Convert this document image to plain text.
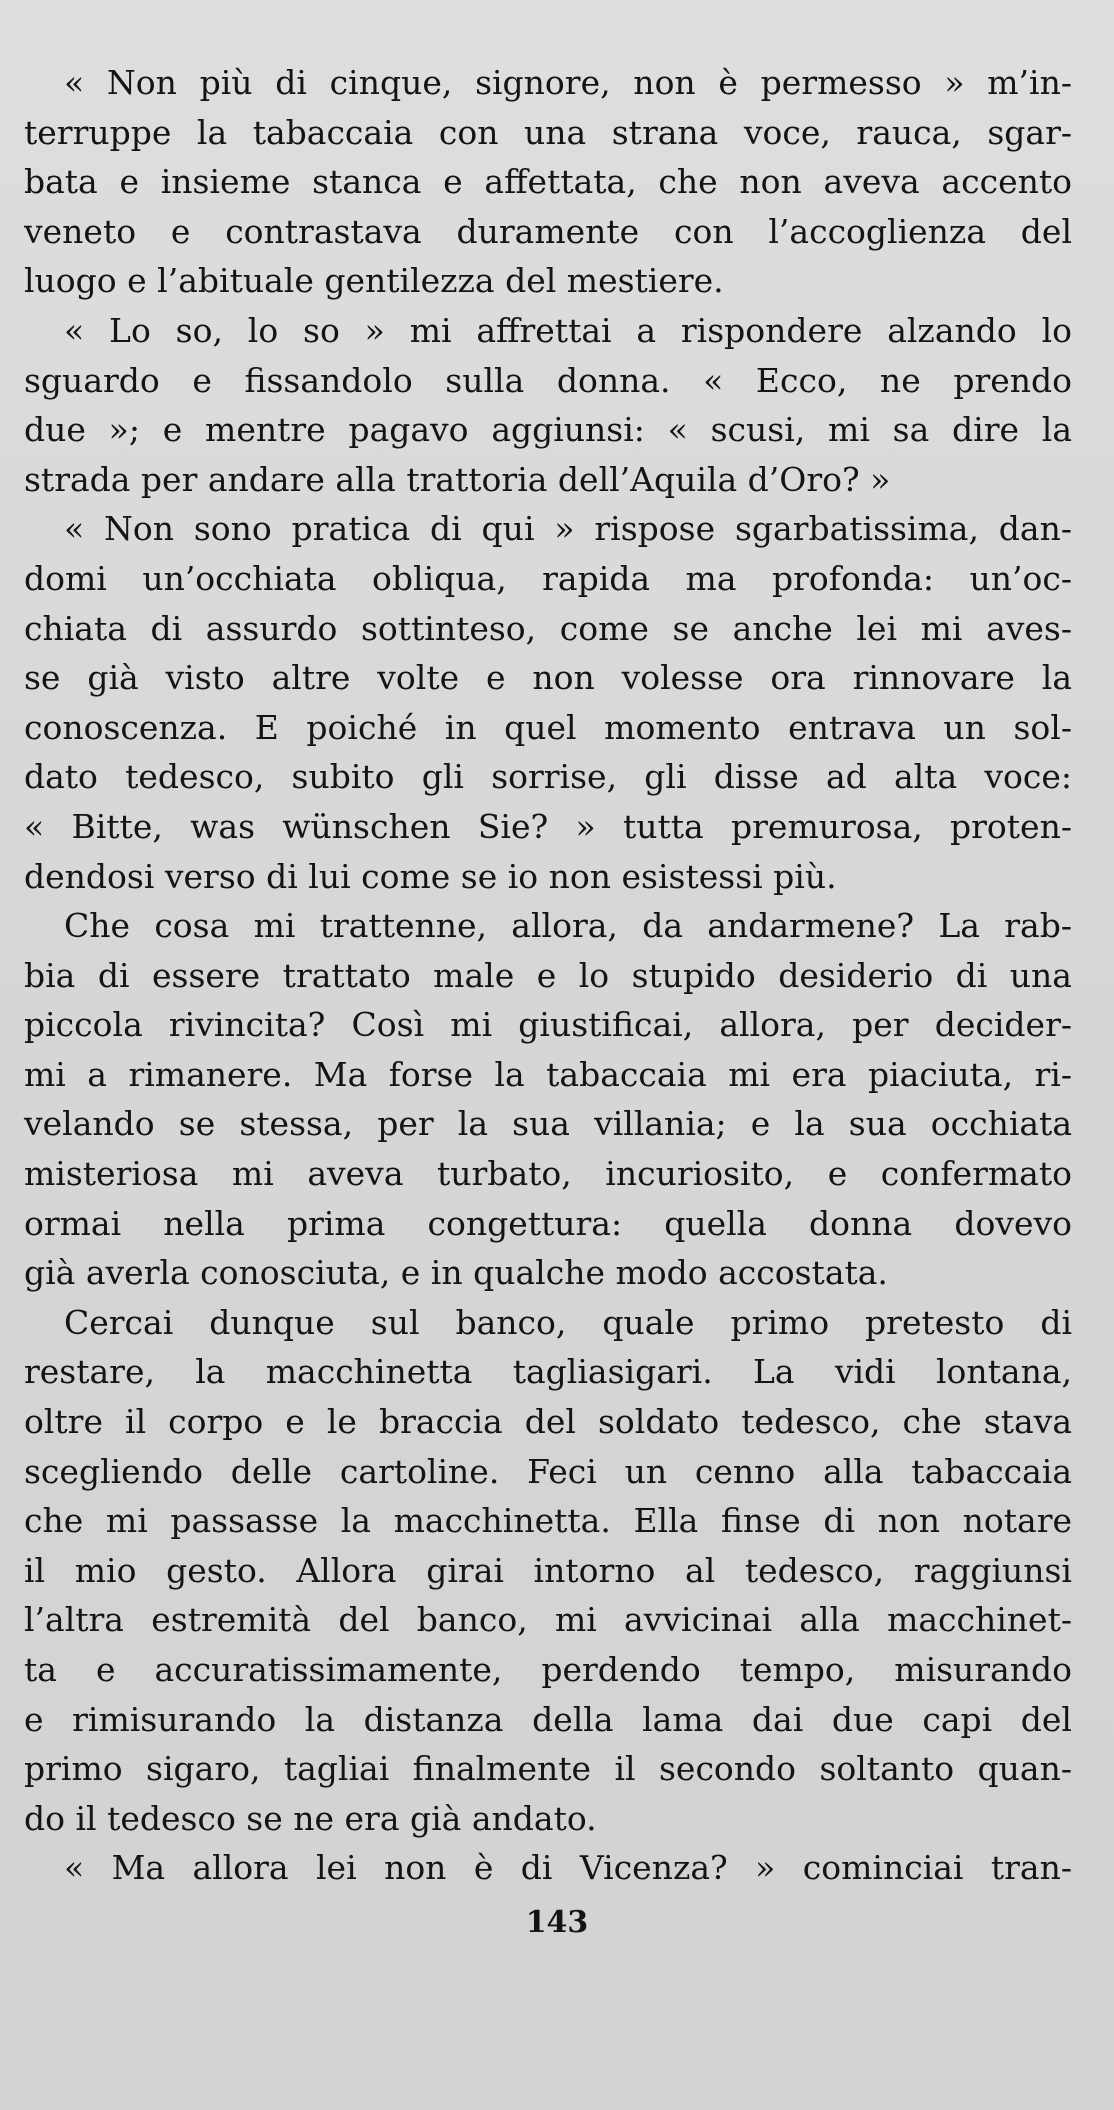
« Non più di cinque, signore, non è permesso » m’in-
terruppe la tabaccaia con una strana voce, rauca, sgar-
bata e insieme stanca e affettata, che non aveva accento
veneto e contrastava duramente con l’accoglienza del
luogo e l’abituale gentilezza del mestiere.
« Lo so, lo so » mi affrettai a rispondere alzando lo
sguardo e fissandolo sulla donna. « Ecco, ne prendo
due »; e mentre pagavo aggiunsi: « scusi, mi sa dire la
strada per andare alla trattoria dell’Aquila d’Oro? »
« Non sono pratica di qui » rispose sgarbatissima, dan-
domi un’occhiata obliqua, rapida ma profonda: un’oc-
chiata di assurdo sottinteso, come se anche lei mi aves-
se già visto altre volte e non volesse ora rinnovare la
conoscenza. E poiché in quel momento entrava un sol-
dato tedesco, subito gli sorrise, gli disse ad alta voce:
« Bitte, was wünschen Sie? » tutta premurosa, proten-
dendosi verso di lui come se io non esistessi più.
Che cosa mi trattenne, allora, da andarmene? La rab-
bia di essere trattato male e lo stupido desiderio di una
piccola rivincita? Così mi giustificai, allora, per decider-
mi a rimanere. Ma forse la tabaccaia mi era piaciuta, ri-
velando se stessa, per la sua villania; e la sua occhiata
misteriosa mi aveva turbato, incuriosito, e confermato
ormai nella prima congettura: quella donna dovevo
già averla conosciuta, e in qualche modo accostata.
Cercai dunque sul banco, quale primo pretesto di
restare, la macchinetta tagliasigari. La vidi lontana,
oltre il corpo e le braccia del soldato tedesco, che stava
scegliendo delle cartoline. Feci un cenno alla tabaccaia
che mi passasse la macchinetta. Ella finse di non notare
il mio gesto. Allora girai intorno al tedesco, raggiunsi
l’altra estremità del banco, mi avvicinai alla macchinet-
ta e accuratissimamente, perdendo tempo, misurando
e rimisurando la distanza della lama dai due capi del
primo sigaro, tagliai finalmente il secondo soltanto quan-
do il tedesco se ne era già andato.
« Ma allora lei non è di Vicenza? » cominciai tran-
143
